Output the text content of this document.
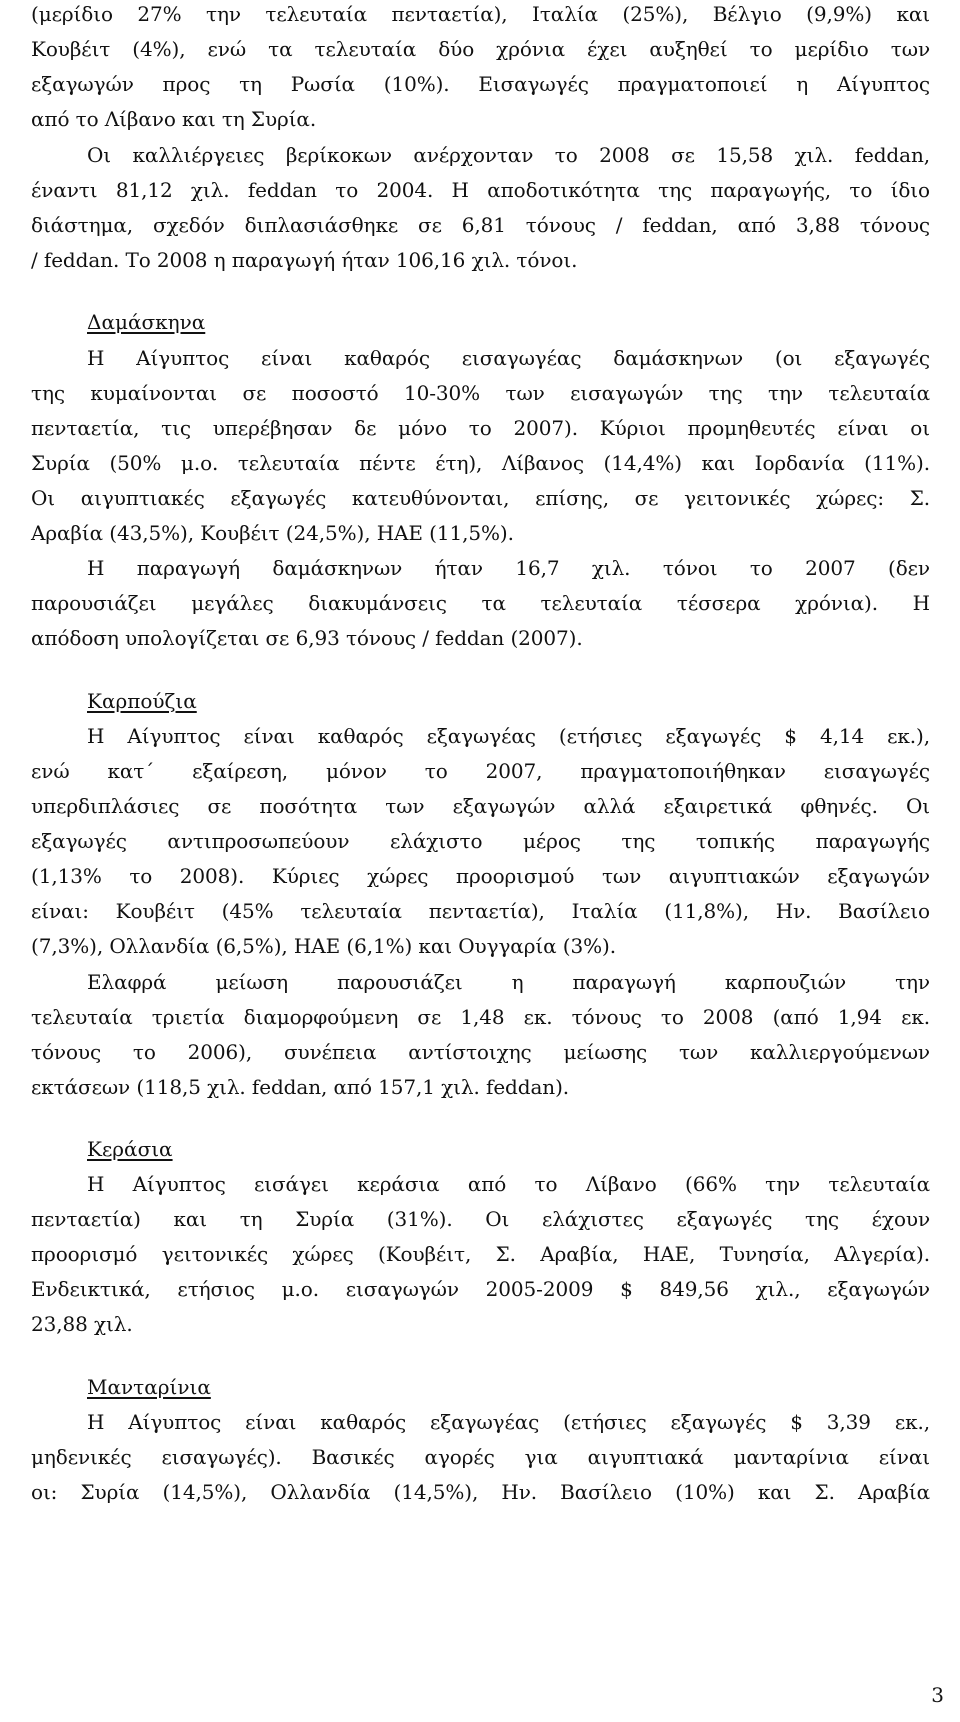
(μερίδιο 27% την τελευταία πενταετία), Ιταλία (25%), Βέλγιο (9,9%) και
Κουβέιτ (4%), ενώ τα τελευταία δύο χρόνια έχει αυξηθεί το μερίδιο των
εξαγωγών προς τη Ρωσία (10%). Εισαγωγές πραγματοποιεί η Αίγυπτος
από το Λίβανο και τη Συρία.
Οι καλλιέργειες βερίκοκων ανέρχονταν το 2008 σε 15,58 χιλ. feddan,
έναντι 81,12 χιλ. feddan το 2004. Η αποδοτικότητα της παραγωγής, το ίδιο
διάστημα, σχεδόν διπλασιάσθηκε σε 6,81 τόνους / feddan, από 3,88 τόνους
/ feddan. Το 2008 η παραγωγή ήταν 106,16 χιλ. τόνοι.
Δαμάσκηνα
Η Αίγυπτος είναι καθαρός εισαγωγέας δαμάσκηνων (οι εξαγωγές
της κυμαίνονται σε ποσοστό 10-30% των εισαγωγών της την τελευταία
πενταετία, τις υπερέβησαν δε μόνο το 2007). Κύριοι προμηθευτές είναι οι
Συρία (50% μ.ο. τελευταία πέντε έτη), Λίβανος (14,4%) και Ιορδανία (11%).
Οι αιγυπτιακές εξαγωγές κατευθύνονται, επίσης, σε γειτονικές χώρες: Σ.
Αραβία (43,5%), Κουβέιτ (24,5%), ΗΑΕ (11,5%).
Η παραγωγή δαμάσκηνων ήταν 16,7 χιλ. τόνοι το 2007 (δεν
παρουσιάζει μεγάλες διακυμάνσεις τα τελευταία τέσσερα χρόνια). Η
απόδοση υπολογίζεται σε 6,93 τόνους / feddan (2007).
Καρπούζια
Η Αίγυπτος είναι καθαρός εξαγωγέας (ετήσιες εξαγωγές $ 4,14 εκ.),
ενώ κατ΄ εξαίρεση, μόνον το 2007, πραγματοποιήθηκαν εισαγωγές
υπερδιπλάσιες σε ποσότητα των εξαγωγών αλλά εξαιρετικά φθηνές. Οι
εξαγωγές αντιπροσωπεύουν ελάχιστο μέρος της τοπικής παραγωγής
(1,13% το 2008). Κύριες χώρες προορισμού των αιγυπτιακών εξαγωγών
είναι: Κουβέιτ (45% τελευταία πενταετία), Ιταλία (11,8%), Ην. Βασίλειο
(7,3%), Ολλανδία (6,5%), ΗΑΕ (6,1%) και Ουγγαρία (3%).
Ελαφρά μείωση παρουσιάζει η παραγωγή καρπουζιών την
τελευταία τριετία διαμορφούμενη σε 1,48 εκ. τόνους το 2008 (από 1,94 εκ.
τόνους το 2006), συνέπεια αντίστοιχης μείωσης των καλλιεργούμενων
εκτάσεων (118,5 χιλ. feddan, από 157,1 χιλ. feddan).
Κεράσια
Η Αίγυπτος εισάγει κεράσια από το Λίβανο (66% την τελευταία
πενταετία) και τη Συρία (31%). Οι ελάχιστες εξαγωγές της έχουν
προορισμό γειτονικές χώρες (Κουβέιτ, Σ. Αραβία, ΗΑΕ, Τυνησία, Αλγερία).
Ενδεικτικά, ετήσιος μ.ο. εισαγωγών 2005-2009 $ 849,56 χιλ., εξαγωγών
23,88 χιλ.
Μανταρίνια
Η Αίγυπτος είναι καθαρός εξαγωγέας (ετήσιες εξαγωγές $ 3,39 εκ.,
μηδενικές εισαγωγές). Βασικές αγορές για αιγυπτιακά μανταρίνια είναι
οι: Συρία (14,5%), Ολλανδία (14,5%), Ην. Βασίλειο (10%) και Σ. Αραβία
3
